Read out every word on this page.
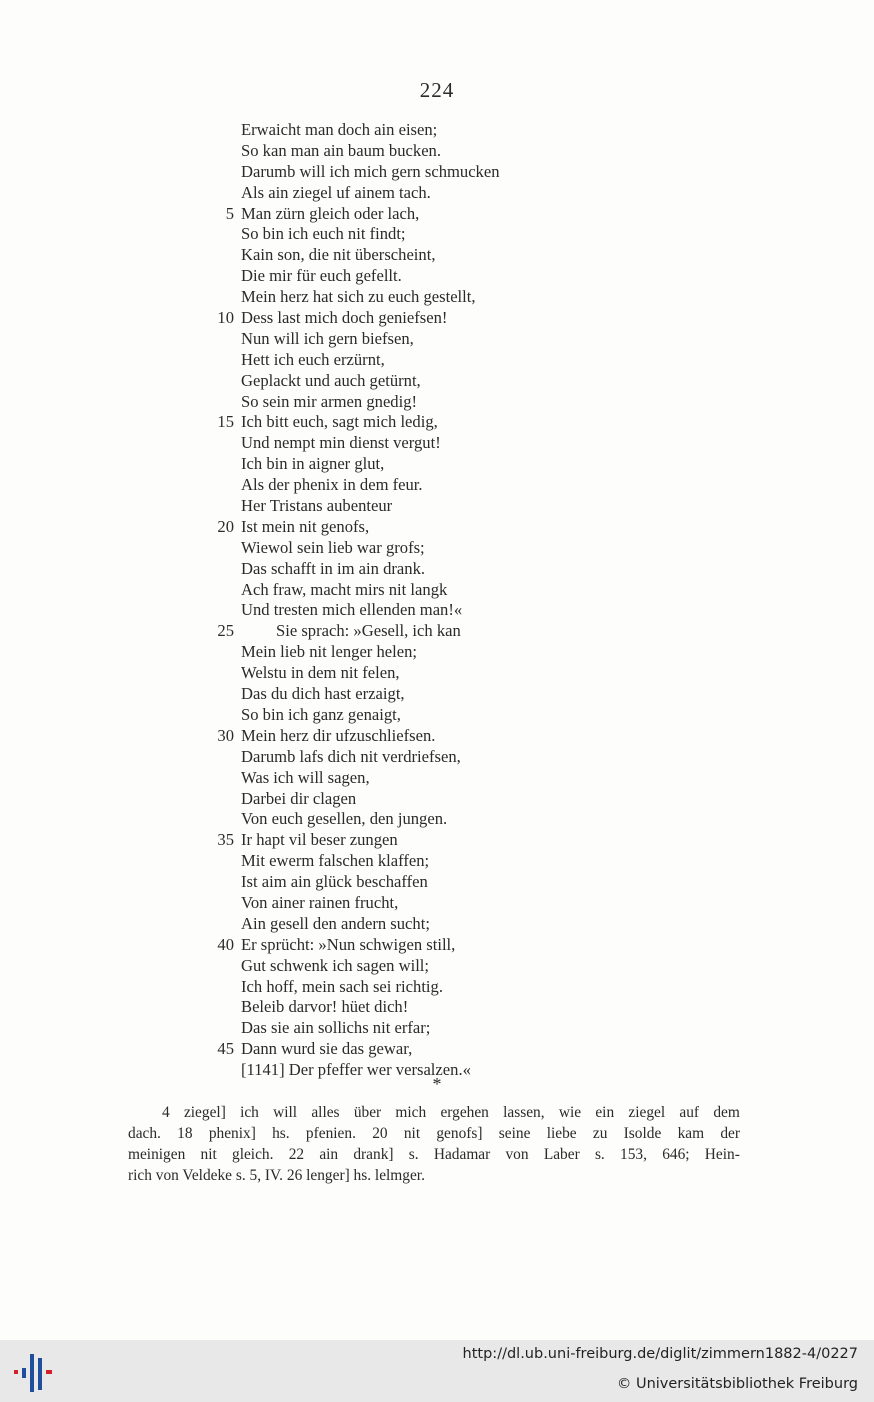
224
Erwaicht man doch ain eisen;
So kan man ain baum bucken.
Darumb will ich mich gern schmucken
Als ain ziegel uf ainem tach.
5 Man zürn gleich oder lach,
So bin ich euch nit findt;
Kain son, die nit überscheint,
Die mir für euch gefellt.
Mein herz hat sich zu euch gestellt,
10 Dess last mich doch geniefsen!
Nun will ich gern biefsen,
Hett ich euch erzürnt,
Geplackt und auch getürnt,
So sein mir armen gnedig!
15 Ich bitt euch, sagt mich ledig,
Und nempt min dienst vergut!
Ich bin in aigner glut,
Als der phenix in dem feur.
Her Tristans aubenteur
20 Ist mein nit genofs,
Wiewol sein lieb war grofs;
Das schafft in im ain drank.
Ach fraw, macht mirs nit langk
Und tresten mich ellenden man!«
25	Sie sprach: »Gesell, ich kan
Mein lieb nit lenger helen;
Welstu in dem nit felen,
Das du dich hast erzaigt,
So bin ich ganz genaigt,
30 Mein herz dir ufzuschliefsen.
Darumb lafs dich nit verdriefsen,
Was ich will sagen,
Darbei dir clagen
Von euch gesellen, den jungen.
35 Ir hapt vil beser zungen
Mit ewerm falschen klaffen;
Ist aim ain glück beschaffen
Von ainer rainen frucht,
Ain gesell den andern sucht;
40 Er sprücht: »Nun schwigen still,
Gut schwenk ich sagen will;
Ich hoff, mein sach sei richtig.
Beleib darvor! hüet dich!
Das sie ain sollichs nit erfar;
45 Dann wurd sie das gewar,
[1141] Der pfeffer wer versalzen.«
*
4 ziegel] ich will alles über mich ergehen lassen, wie ein ziegel auf dem
dach. 18 phenix] hs. pfenien. 20 nit genofs] seine liebe zu Isolde kam der
meinigen nit gleich. 22 ain drank] s. Hadamar von Laber s. 153, 646; Hein-
rich von Veldeke s. 5, IV. 26 lenger] hs. lelmger.
http://dl.ub.uni-freiburg.de/diglit/zimmern1882-4/0227
© Universitätsbibliothek Freiburg
